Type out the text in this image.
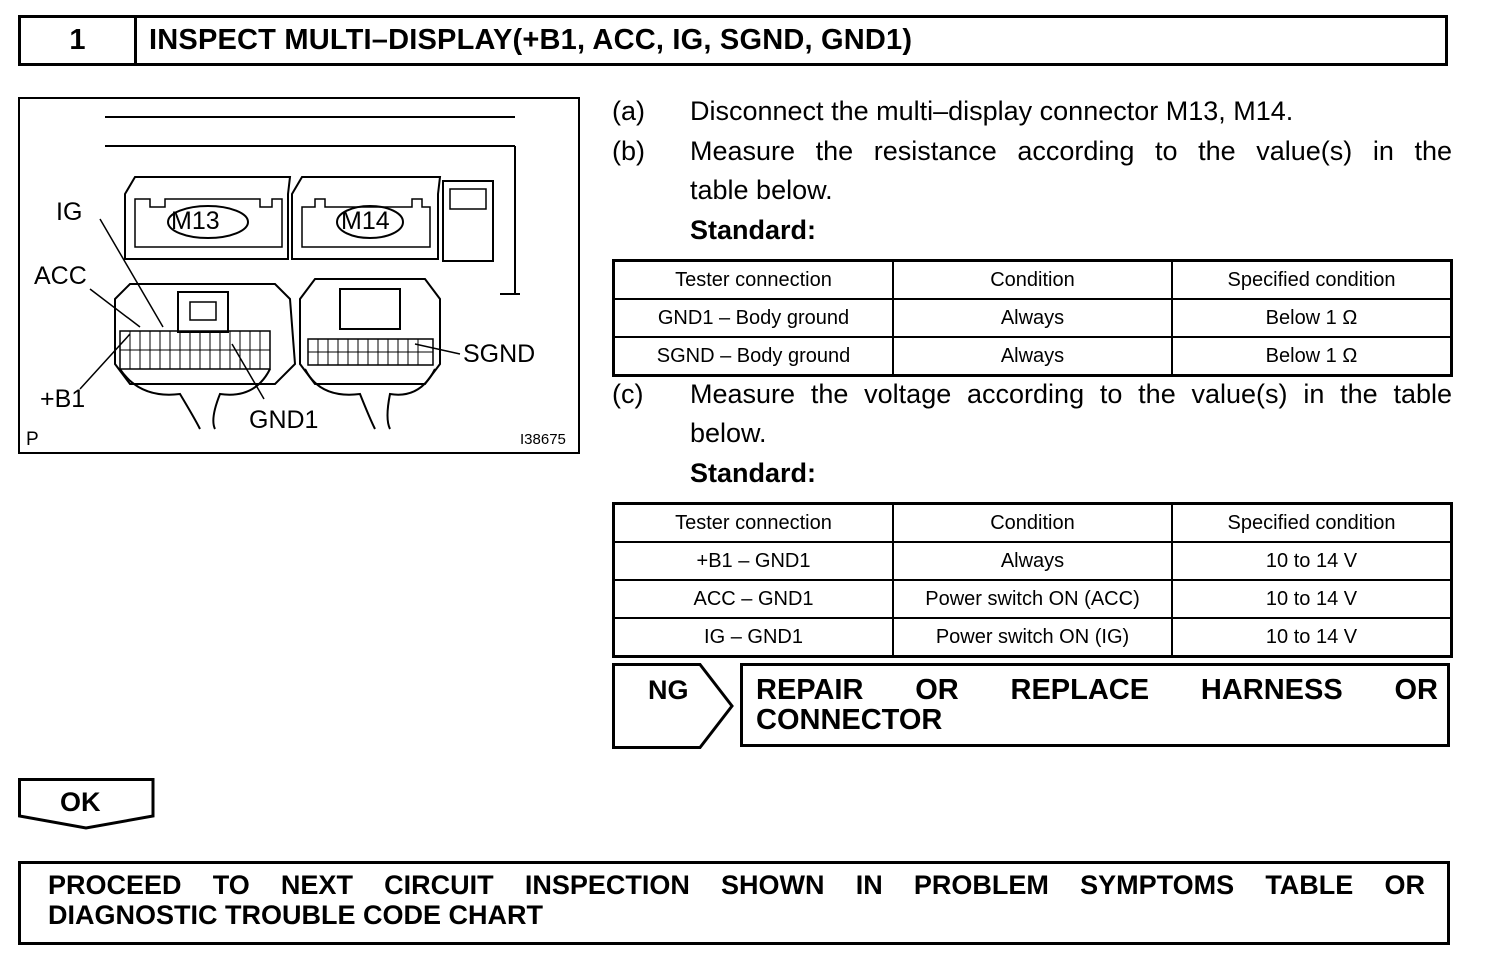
1	INSPECT MULTI–DISPLAY(+B1, ACC, IG, SGND, GND1)
M13	M14
IG
ACC
+B1
GND1
SGND
P	I38675
(a) Disconnect the multi–display connector M13, M14.
(b) Measure the resistance according to the value(s) in the
table below.
Standard:
Tester connection	Condition	Specified condition
GND1 – Body ground	Always	Below 1 Ω
SGND – Body ground	Always	Below 1 Ω
(c) Measure the voltage according to the value(s) in the table
below.
Standard:
Tester connection	Condition	Specified condition
+B1 – GND1	Always	10 to 14 V
ACC – GND1	Power switch ON (ACC)	10 to 14 V
IG – GND1	Power switch ON (IG)	10 to 14 V
NG REPAIR OR REPLACE HARNESS OR
CONNECTOR
OK
PROCEED TO NEXT CIRCUIT INSPECTION SHOWN IN PROBLEM SYMPTOMS TABLE OR
DIAGNOSTIC TROUBLE CODE CHART
